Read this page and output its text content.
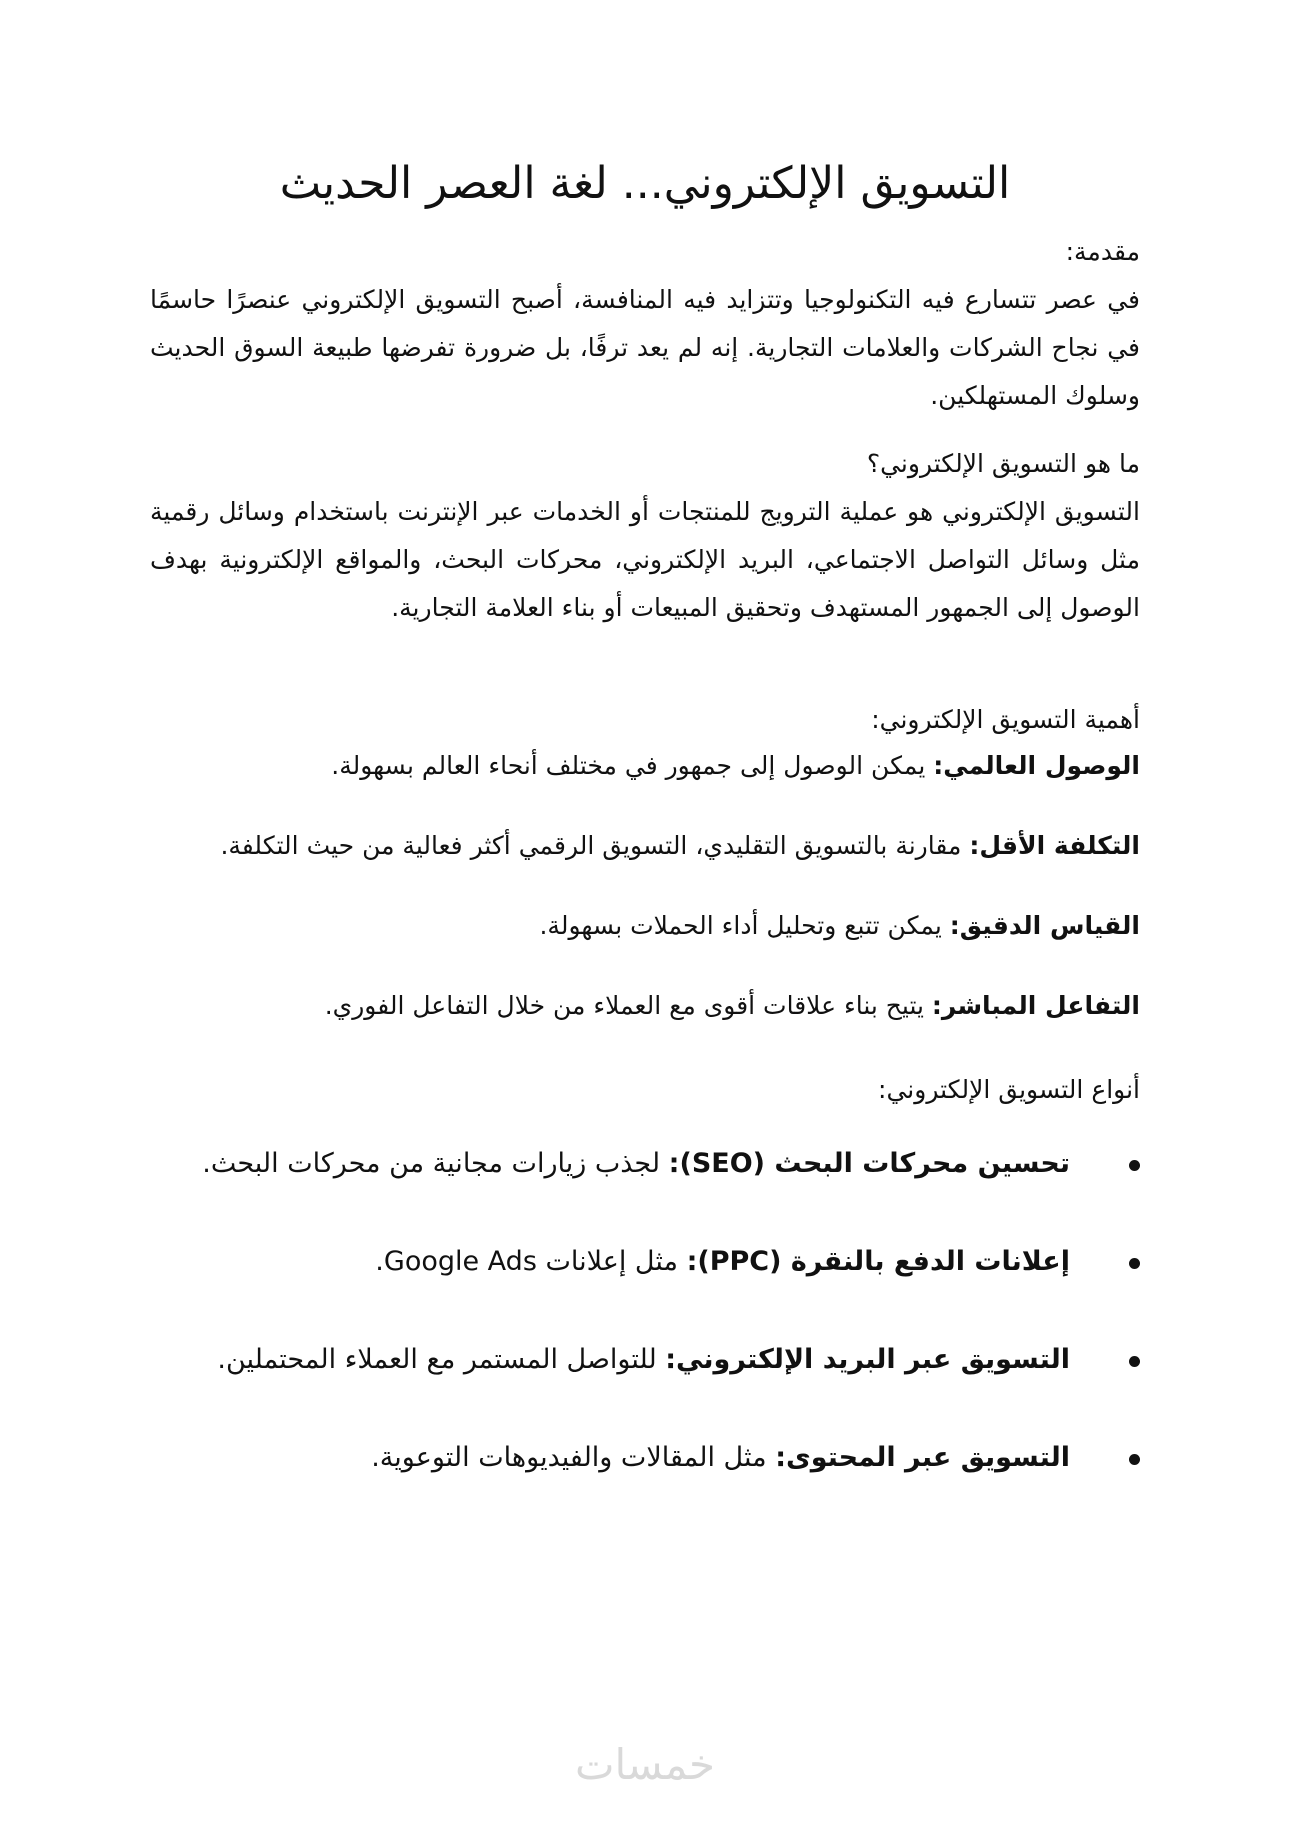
التسويق الإلكتروني... لغة العصر الحديث
مقدمة:

في عصر تتسارع فيه التكنولوجيا وتتزايد فيه المنافسة، أصبح التسويق الإلكتروني عنصرًا حاسمًا في نجاح الشركات والعلامات التجارية. إنه لم يعد ترفًا، بل ضرورة تفرضها طبيعة السوق الحديث وسلوك المستهلكين.

ما هو التسويق الإلكتروني؟

التسويق الإلكتروني هو عملية الترويج للمنتجات أو الخدمات عبر الإنترنت باستخدام وسائل رقمية مثل وسائل التواصل الاجتماعي، البريد الإلكتروني، محركات البحث، والمواقع الإلكترونية بهدف الوصول إلى الجمهور المستهدف وتحقيق المبيعات أو بناء العلامة التجارية.

أهمية التسويق الإلكتروني:
الوصول العالمي: يمكن الوصول إلى جمهور في مختلف أنحاء العالم بسهولة.
التكلفة الأقل: مقارنة بالتسويق التقليدي، التسويق الرقمي أكثر فعالية من حيث التكلفة.
القياس الدقيق: يمكن تتبع وتحليل أداء الحملات بسهولة.
التفاعل المباشر: يتيح بناء علاقات أقوى مع العملاء من خلال التفاعل الفوري.
أنواع التسويق الإلكتروني:
تحسين محركات البحث (SEO): لجذب زيارات مجانية من محركات البحث.
إعلانات الدفع بالنقرة (PPC): مثل إعلانات Google Ads.
التسويق عبر البريد الإلكتروني: للتواصل المستمر مع العملاء المحتملين.
التسويق عبر المحتوى: مثل المقالات والفيديوهات التوعوية.
خمسات
